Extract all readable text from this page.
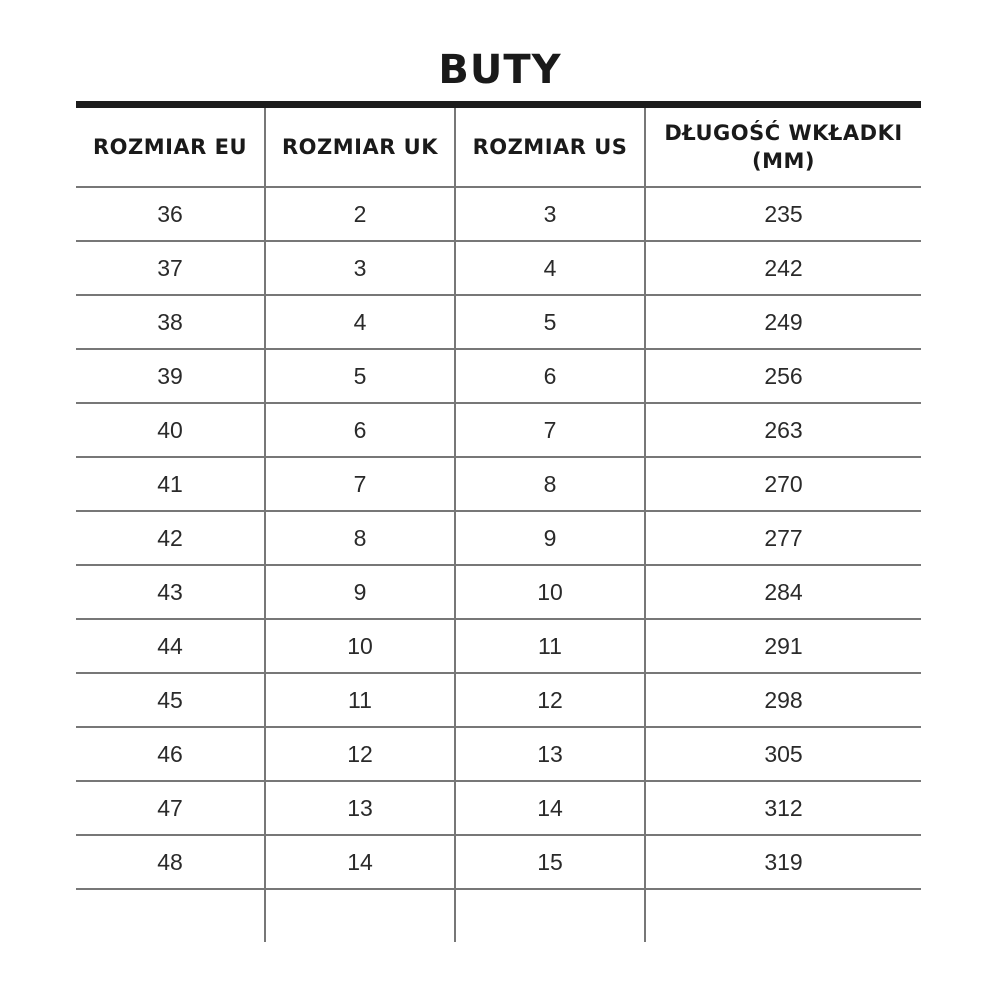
BUTY
ROZMIAR EU	ROZMIAR UK	ROZMIAR US	DŁUGOŚĆ WKŁADKI (MM)
36	2	3	235
37	3	4	242
38	4	5	249
39	5	6	256
40	6	7	263
41	7	8	270
42	8	9	277
43	9	10	284
44	10	11	291
45	11	12	298
46	12	13	305
47	13	14	312
48	14	15	319
